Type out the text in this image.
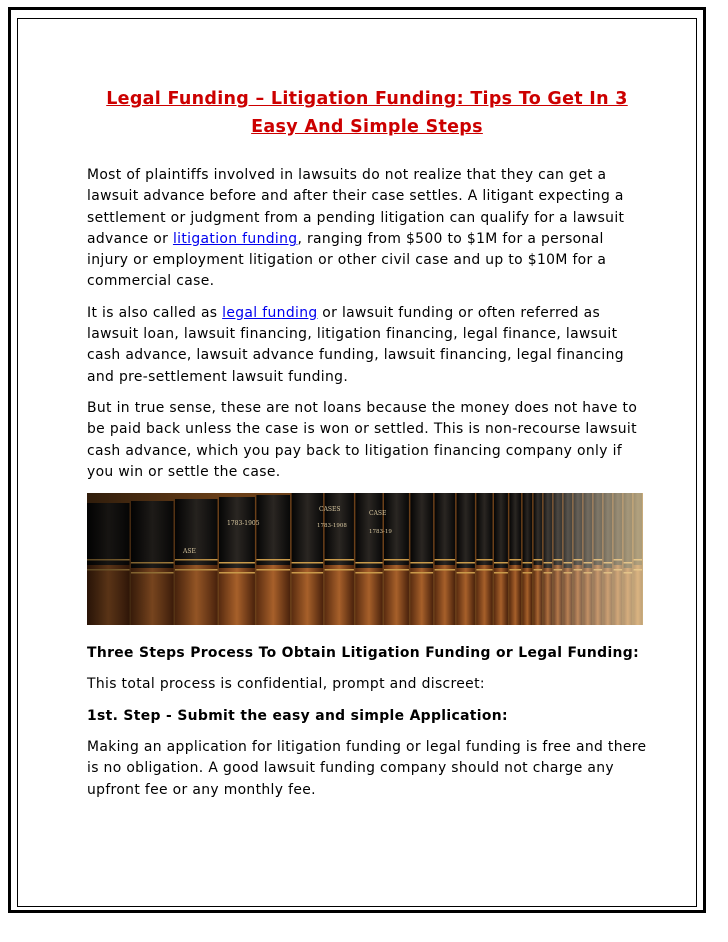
Legal Funding – Litigation Funding: Tips To Get In 3 Easy And Simple Steps

Most of plaintiffs involved in lawsuits do not realize that they can get a lawsuit advance before and after their case settles. A litigant expecting a settlement or judgment from a pending litigation can qualify for a lawsuit advance or litigation funding, ranging from $500 to $1M for a personal injury or employment litigation or other civil case and up to $10M for a commercial case.

It is also called as legal funding or lawsuit funding or often referred as lawsuit loan, lawsuit financing, litigation financing, legal finance, lawsuit cash advance, lawsuit advance funding, lawsuit financing, legal financing and pre-settlement lawsuit funding.

But in true sense, these are not loans because the money does not have to be paid back unless the case is won or settled. This is non-recourse lawsuit cash advance, which you pay back to litigation financing company only if you win or settle the case.

ASE
1783-1905
CASES
1783-1908
CASE
1783-19

Three Steps Process To Obtain Litigation Funding or Legal Funding:

This total process is confidential, prompt and discreet:

1st. Step - Submit the easy and simple Application:

Making an application for litigation funding or legal funding is free and there is no obligation. A good lawsuit funding company should not charge any upfront fee or any monthly fee.
